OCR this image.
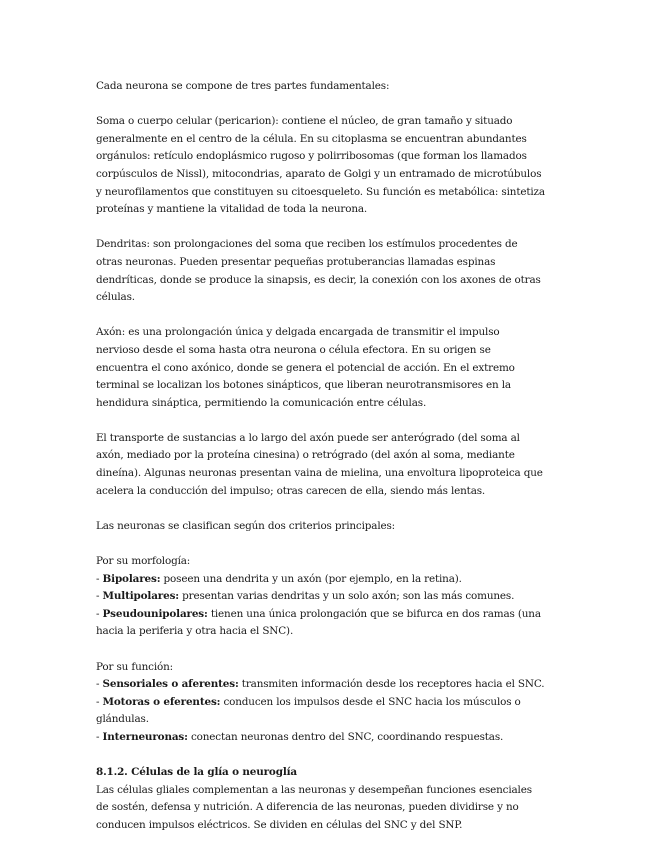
Cada neurona se compone de tres partes fundamentales:

Soma o cuerpo celular (pericarion): contiene el núcleo, de gran tamaño y situado generalmente en el centro de la célula. En su citoplasma se encuentran abundantes orgánulos: retículo endoplásmico rugoso y polirribosomas (que forman los llamados corpúsculos de Nissl), mitocondrias, aparato de Golgi y un entramado de microtúbulos y neurofilamentos que constituyen su citoesqueleto. Su función es metabólica: sintetiza proteínas y mantiene la vitalidad de toda la neurona.

Dendritas: son prolongaciones del soma que reciben los estímulos procedentes de otras neuronas. Pueden presentar pequeñas protuberancias llamadas espinas dendríticas, donde se produce la sinapsis, es decir, la conexión con los axones de otras células.

Axón: es una prolongación única y delgada encargada de transmitir el impulso nervioso desde el soma hasta otra neurona o célula efectora. En su origen se encuentra el cono axónico, donde se genera el potencial de acción. En el extremo terminal se localizan los botones sinápticos, que liberan neurotransmisores en la hendidura sináptica, permitiendo la comunicación entre células.

El transporte de sustancias a lo largo del axón puede ser anterógrado (del soma al axón, mediado por la proteína cinesina) o retrógrado (del axón al soma, mediante dineína). Algunas neuronas presentan vaina de mielina, una envoltura lipoproteica que acelera la conducción del impulso; otras carecen de ella, siendo más lentas.

Las neuronas se clasifican según dos criterios principales:

Por su morfología:
- Bipolares: poseen una dendrita y un axón (por ejemplo, en la retina).
- Multipolares: presentan varias dendritas y un solo axón; son las más comunes.
- Pseudounipolares: tienen una única prolongación que se bifurca en dos ramas (una hacia la periferia y otra hacia el SNC).
Por su función:
- Sensoriales o aferentes: transmiten información desde los receptores hacia el SNC.
- Motoras o eferentes: conducen los impulsos desde el SNC hacia los músculos o glándulas.
- Interneuronas: conectan neuronas dentro del SNC, coordinando respuestas.

8.1.2. Células de la glía o neuroglía

Las células gliales complementan a las neuronas y desempeñan funciones esenciales de sostén, defensa y nutrición. A diferencia de las neuronas, pueden dividirse y no conducen impulsos eléctricos. Se dividen en células del SNC y del SNP.
